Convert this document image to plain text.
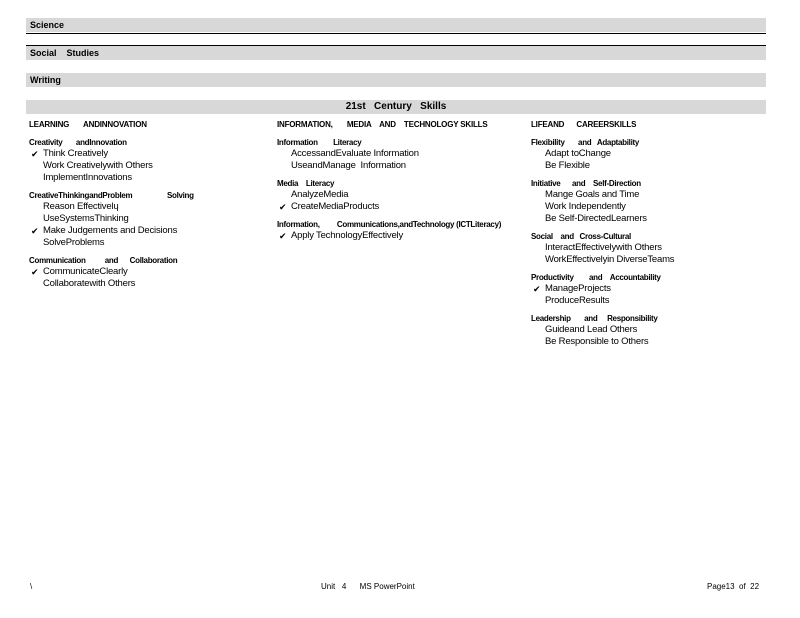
Science
Social    Studies
Writing
21st   Century   Skills
LEARNING       ANDINNOVATION
Creativity       andInnovation
✔ Think Creatively
Work Creativelywith Others
ImplementInnovations
CreativeThinkingandProblem                  Solving
Reason Effectivelɥ
UseSystemsThinking
✔ Make Judgements and Decisions
SolveProblems
Communication          and      Collaboration
✔ CommunicateClearly
Collaboratewith Others
INFORMATION,       MEDIA    AND    TECHNOLOGY SKILLS
Information        Literacy
AccessandEvaluate Information
UseandManage  Information
Media    Literacy
AnalyzeMedia
✔ CreateMediaProducts
Information,         Communications,andTechnology (ICTLiteracy)
✔ Apply TechnologyEffectively
LIFEAND      CAREERSKILLS
Flexibility       and   Adaptability
Adapt toChange
Be Flexible
Initiative      and    Self-Direction
Mange Goals and Time
Work Independently
Be Self-DirectedLearners
Social    and   Cross-Cultural
InteractEffectivelywith Others
WorkEffectivelyin DiverseTeams
Productivity        and    Accountability
✔ ManageProjects
ProduceResults
Leadership       and     Responsibility
Guideand Lead Others
Be Responsible to Others
\	Unit   4      MS PowerPoint	Page13  of  22
